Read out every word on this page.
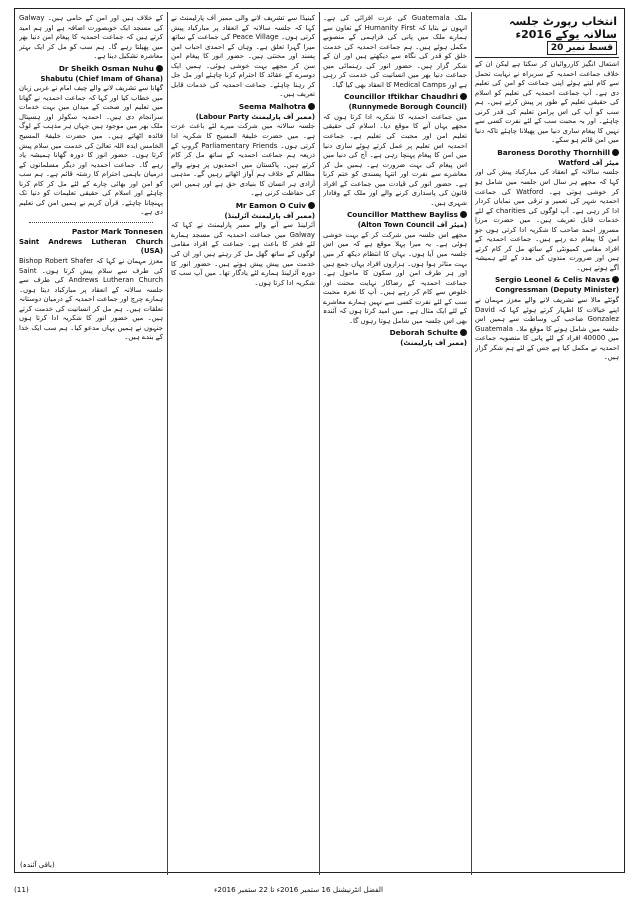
انتخاب رپورٹ جلسہ سالانہ یوکے 2016ء
قسط نمبر 20

اشتعال انگیز کارروائیاں کر سکتا ہے لیکن ان کے خلاف جماعت احمدیہ کے سربراہ نے نہایت تحمل سے کام لیتے ہوئے اپنی جماعت کو امن کی تعلیم دی ہے۔ آپ جماعت احمدیہ کی تعلیم کو اسلام کی حقیقی تعلیم کے طور پر پیش کرتے ہیں۔ ہم سب کو آپ کی اس پرامن تعلیم کی قدر کرنی چاہئے۔ اور یہ محبت سب کے لئے نفرت کسی سے نہیں کا پیغام ساری دنیا میں پھیلانا چاہئے تاکہ دنیا میں امن قائم ہو سکے۔

Baroness Dorothy Thornhill

میئر آف Watford

جلسہ سالانہ کے انعقاد کی مبارکباد پیش کی اور کہا کہ مجھے ہر سال اس جلسہ میں شامل ہو کر خوشی ہوتی ہے۔ Watford کی جماعت احمدیہ شہر کی تعمیر و ترقی میں نمایاں کردار ادا کر رہی ہے۔ آپ لوگوں کی charities کے لئے خدمات قابل تعریف ہیں۔ میں حضرت مرزا مسرور احمد صاحب کا شکریہ ادا کرتی ہوں جو امن کا پیغام دے رہے ہیں۔ جماعت احمدیہ کے افراد مقامی کمیونٹی کے ساتھ مل کر کام کرتے ہیں اور ضرورت مندوں کی مدد کے لئے ہمیشہ آگے ہوتے ہیں۔

Sergio Leonel & Celis Navas

Congressman (Deputy Minister)

گوئٹے مالا سے تشریف لانے والے معزز مہمان نے اپنے خیالات کا اظہار کرتے ہوئے کہا کہ David Gonzalez صاحب کی وساطت سے ہمیں اس جلسہ میں شامل ہونے کا موقع ملا۔ Guatemala میں 40000 افراد کے لئے پانی کا منصوبہ جماعت احمدیہ نے مکمل کیا ہے جس کے لئے ہم شکر گزار ہیں۔

ملک Guatemala کی عزت افزائی کی ہے۔ انہوں نے بتایا کہ Humanity First کے تعاون سے ہمارے ملک میں پانی کی فراہمی کے منصوبے مکمل ہوئے ہیں۔ ہم جماعت احمدیہ کی خدمت خلق کو قدر کی نگاہ سے دیکھتے ہیں اور ان کے شکر گزار ہیں۔ حضور انور کی رہنمائی میں جماعت دنیا بھر میں انسانیت کی خدمت کر رہی ہے اور Medical Camps کا انعقاد بھی کیا گیا۔

Councillor Iftikhar Chaudhri

(Runnymede Borough Council)

میں جماعت احمدیہ کا شکریہ ادا کرتا ہوں کہ مجھے یہاں آنے کا موقع دیا۔ اسلام کی حقیقی تعلیم امن اور محبت کی تعلیم ہے۔ جماعت احمدیہ اس تعلیم پر عمل کرتے ہوئے ساری دنیا میں امن کا پیغام پہنچا رہی ہے۔ آج کی دنیا میں اس پیغام کی بہت ضرورت ہے۔ ہمیں مل کر معاشرے سے نفرت اور انتہا پسندی کو ختم کرنا ہے۔ حضور انور کی قیادت میں جماعت کے افراد قانون کی پاسداری کرنے والے اور ملک کے وفادار شہری ہیں۔

Councillor Matthew Bayliss

(میئر آف Alton Town Council)

مجھے اس جلسہ میں شرکت کر کے بہت خوشی ہوئی ہے۔ یہ میرا پہلا موقع ہے کہ میں اس جلسہ میں آیا ہوں۔ یہاں کا انتظام دیکھ کر میں بہت متاثر ہوا ہوں۔ ہزاروں افراد یہاں جمع ہیں اور ہر طرف امن اور سکون کا ماحول ہے۔ جماعت احمدیہ کے رضاکار نہایت محنت اور خلوص سے کام کر رہے ہیں۔ آپ کا نعرہ محبت سب کے لئے نفرت کسی سے نہیں ہمارے معاشرے کے لئے ایک مثال ہے۔ میں امید کرتا ہوں کہ آئندہ بھی اس جلسہ میں شامل ہوتا رہوں گا۔

Deborah Schulte

(ممبر آف پارلیمنٹ)

کینیڈا سے تشریف لانے والی ممبر آف پارلیمنٹ نے کہا کہ جلسہ سالانہ کے انعقاد پر مبارکباد پیش کرتی ہوں۔ Peace Village کی جماعت کے ساتھ میرا گہرا تعلق ہے۔ وہاں کے احمدی احباب امن پسند اور محنتی ہیں۔ حضور انور کا پیغام امن سن کر مجھے بہت خوشی ہوئی۔ ہمیں ایک دوسرے کے عقائد کا احترام کرنا چاہئے اور مل جل کر رہنا چاہئے۔ جماعت احمدیہ کی خدمات قابل تعریف ہیں۔

Seema Malhotra

(ممبر آف پارلیمنٹ Labour Party)

جلسہ سالانہ میں شرکت میرے لئے باعث عزت ہے۔ میں حضرت خلیفۃ المسیح کا شکریہ ادا کرتی ہوں۔ Parliamentary Friends گروپ کے ذریعہ ہم جماعت احمدیہ کے ساتھ مل کر کام کرتے ہیں۔ پاکستان میں احمدیوں پر ہونے والے مظالم کے خلاف ہم آواز اٹھاتے رہیں گے۔ مذہبی آزادی ہر انسان کا بنیادی حق ہے اور ہمیں اس کی حفاظت کرنی ہے۔

Mr Eamon O Cuiv

(ممبر آف پارلیمنٹ آئرلینڈ)

آئرلینڈ سے آنے والے ممبر پارلیمنٹ نے کہا کہ Galway میں جماعت احمدیہ کی مسجد ہمارے لئے فخر کا باعث ہے۔ جماعت کے افراد مقامی لوگوں کے ساتھ گھل مل کر رہتے ہیں اور ان کی خدمت میں پیش پیش ہوتے ہیں۔ حضور انور کا دورہ آئرلینڈ ہمارے لئے یادگار تھا۔ میں آپ سب کا شکریہ ادا کرتا ہوں۔

کے خلاف ہیں اور امن کے حامی ہیں۔ Galway کی مسجد ایک خوبصورت اضافہ ہے اور ہم امید کرتے ہیں کہ جماعت احمدیہ کا پیغام امن دنیا بھر میں پھیلتا رہے گا۔ ہم سب کو مل کر ایک بہتر معاشرہ تشکیل دینا ہے۔

Dr Sheikh Osman Nuhu

(Chief Imam of Ghana) Shabutu

گھانا سے تشریف لانے والے چیف امام نے عربی زبان میں خطاب کیا اور کہا کہ جماعت احمدیہ نے گھانا میں تعلیم اور صحت کے میدان میں بہت خدمات سرانجام دی ہیں۔ احمدیہ سکولز اور ہسپتال ملک بھر میں موجود ہیں جہاں ہر مذہب کے لوگ فائدہ اٹھاتے ہیں۔ میں حضرت خلیفۃ المسیح الخامس ایدہ اللہ تعالیٰ کی خدمت میں سلام پیش کرتا ہوں۔ حضور انور کا دورہ گھانا ہمیشہ یاد رہے گا۔ جماعت احمدیہ اور دیگر مسلمانوں کے درمیان باہمی احترام کا رشتہ قائم ہے۔ ہم سب کو امن اور بھائی چارے کے لئے مل کر کام کرنا چاہئے اور اسلام کی حقیقی تعلیمات کو دنیا تک پہنچانا چاہئے۔ قرآن کریم نے ہمیں امن کی تعلیم دی ہے۔

Pastor Mark Tonnesen

Saint Andrews Lutheran Church (USA)

معزز مہمان نے کہا کہ Bishop Robert Shafer کی طرف سے سلام پیش کرتا ہوں۔ Saint Andrews Lutheran Church کی طرف سے جلسہ سالانہ کے انعقاد پر مبارکباد دیتا ہوں۔ ہمارے چرچ اور جماعت احمدیہ کے درمیان دوستانہ تعلقات ہیں۔ ہم مل کر انسانیت کی خدمت کرتے ہیں۔ میں حضور انور کا شکریہ ادا کرتا ہوں جنہوں نے ہمیں یہاں مدعو کیا۔ ہم سب ایک خدا کے بندے ہیں۔

(باقی آئندہ)
(11)	الفضل انٹرنیشنل 16 ستمبر 2016ء تا 22 ستمبر 2016ء
